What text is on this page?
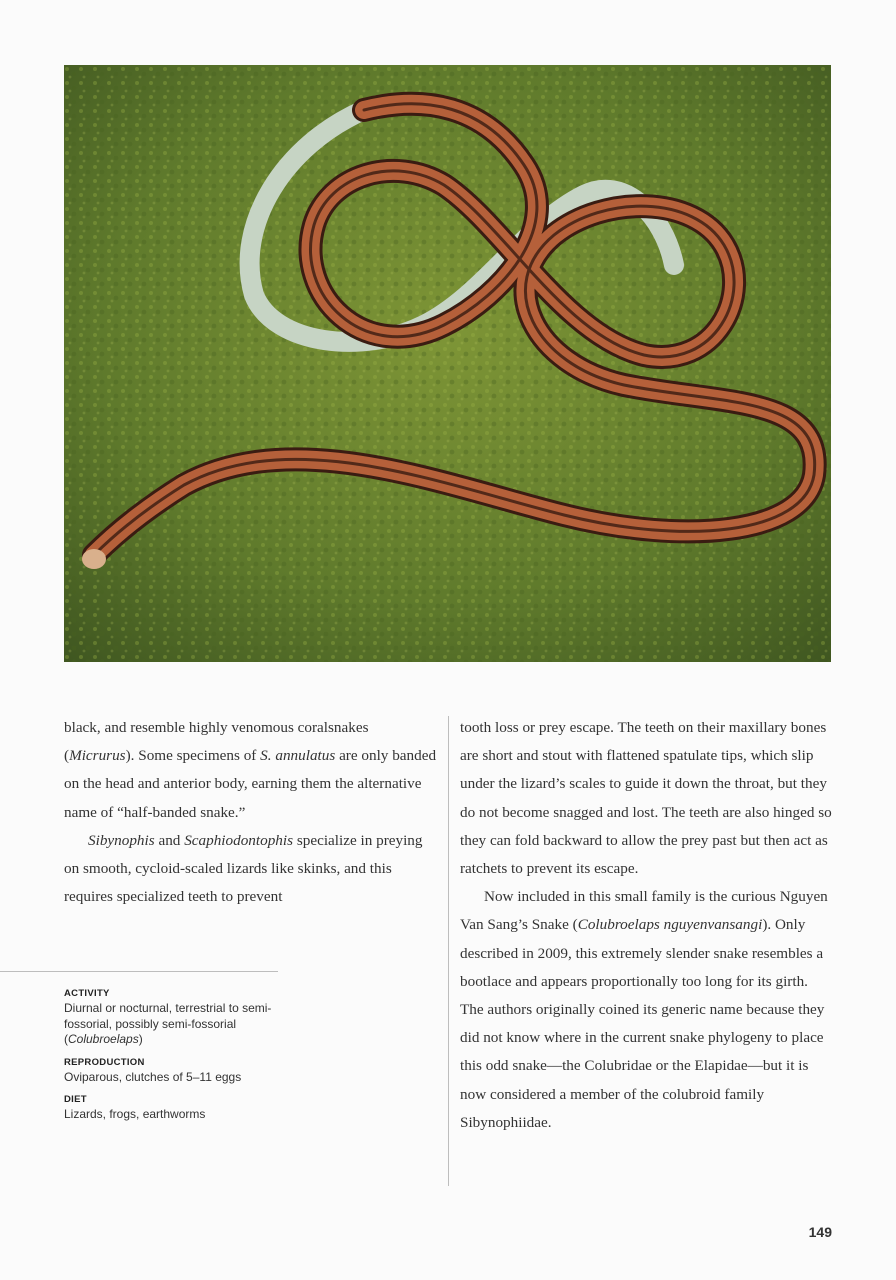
black, and resemble highly venomous coralsnakes (Micrurus). Some specimens of S. annulatus are only banded on the head and anterior body, earning them the alternative name of “half-banded snake.”

Sibynophis and Scaphiodontophis specialize in preying on smooth, cycloid-scaled lizards like skinks, and this requires specialized teeth to prevent

tooth loss or prey escape. The teeth on their maxillary bones are short and stout with flattened spatulate tips, which slip under the lizard’s scales to guide it down the throat, but they do not become snagged and lost. The teeth are also hinged so they can fold backward to allow the prey past but then act as ratchets to prevent its escape.

Now included in this small family is the curious Nguyen Van Sang’s Snake (Colubroelaps nguyenvansangi). Only described in 2009, this extremely slender snake resembles a bootlace and appears proportionally too long for its girth. The authors originally coined its generic name because they did not know where in the current snake phylogeny to place this odd snake—the Colubridae or the Elapidae—but it is now considered a member of the colubroid family Sibynophiidae.

ACTIVITY
Diurnal or nocturnal, terrestrial to semi-fossorial, possibly semi-fossorial (Colubroelaps)
REPRODUCTION
Oviparous, clutches of 5–11 eggs
DIET
Lizards, frogs, earthworms
149
